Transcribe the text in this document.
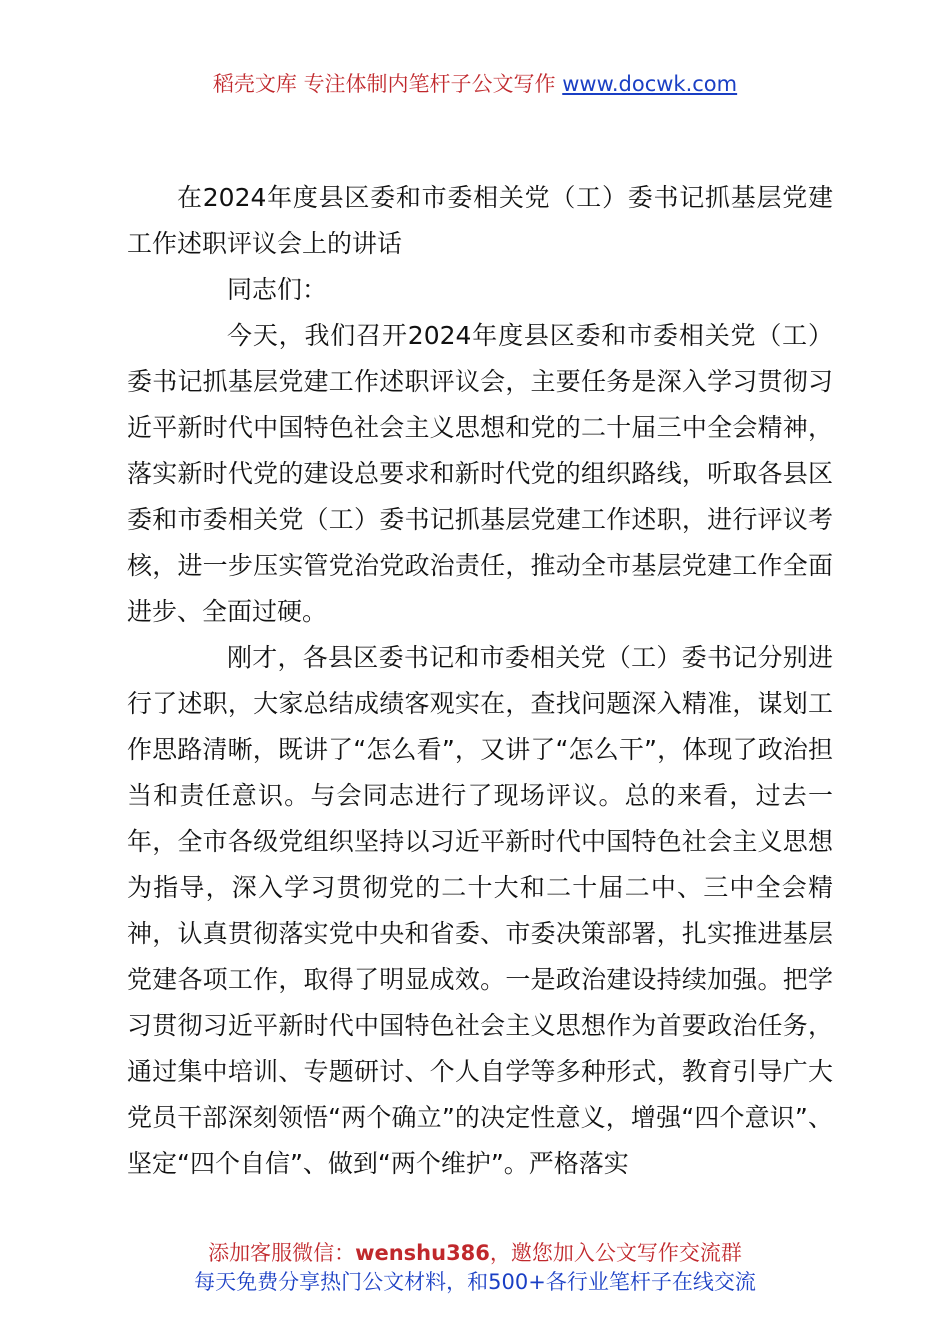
稻壳文库 专注体制内笔杆子公文写作 www.docwk.com

在2024年度县区委和市委相关党（工）委书记抓基层党建工作述职评议会上的讲话

同志们：

今天，我们召开2024年度县区委和市委相关党（工）委书记抓基层党建工作述职评议会，主要任务是深入学习贯彻习近平新时代中国特色社会主义思想和党的二十届三中全会精神，落实新时代党的建设总要求和新时代党的组织路线，听取各县区委和市委相关党（工）委书记抓基层党建工作述职，进行评议考核，进一步压实管党治党政治责任，推动全市基层党建工作全面进步、全面过硬。

刚才，各县区委书记和市委相关党（工）委书记分别进行了述职，大家总结成绩客观实在，查找问题深入精准，谋划工作思路清晰，既讲了“怎么看”，又讲了“怎么干”，体现了政治担当和责任意识。与会同志进行了现场评议。总的来看，过去一年，全市各级党组织坚持以习近平新时代中国特色社会主义思想为指导，深入学习贯彻党的二十大和二十届二中、三中全会精神，认真贯彻落实党中央和省委、市委决策部署，扎实推进基层党建各项工作，取得了明显成效。一是政治建设持续加强。把学习贯彻习近平新时代中国特色社会主义思想作为首要政治任务，通过集中培训、专题研讨、个人自学等多种形式，教育引导广大党员干部深刻领悟“两个确立”的决定性意义，增强“四个意识”、坚定“四个自信”、做到“两个维护”。严格落实

添加客服微信：wenshu386，邀您加入公文写作交流群
每天免费分享热门公文材料，和500+各行业笔杆子在线交流
